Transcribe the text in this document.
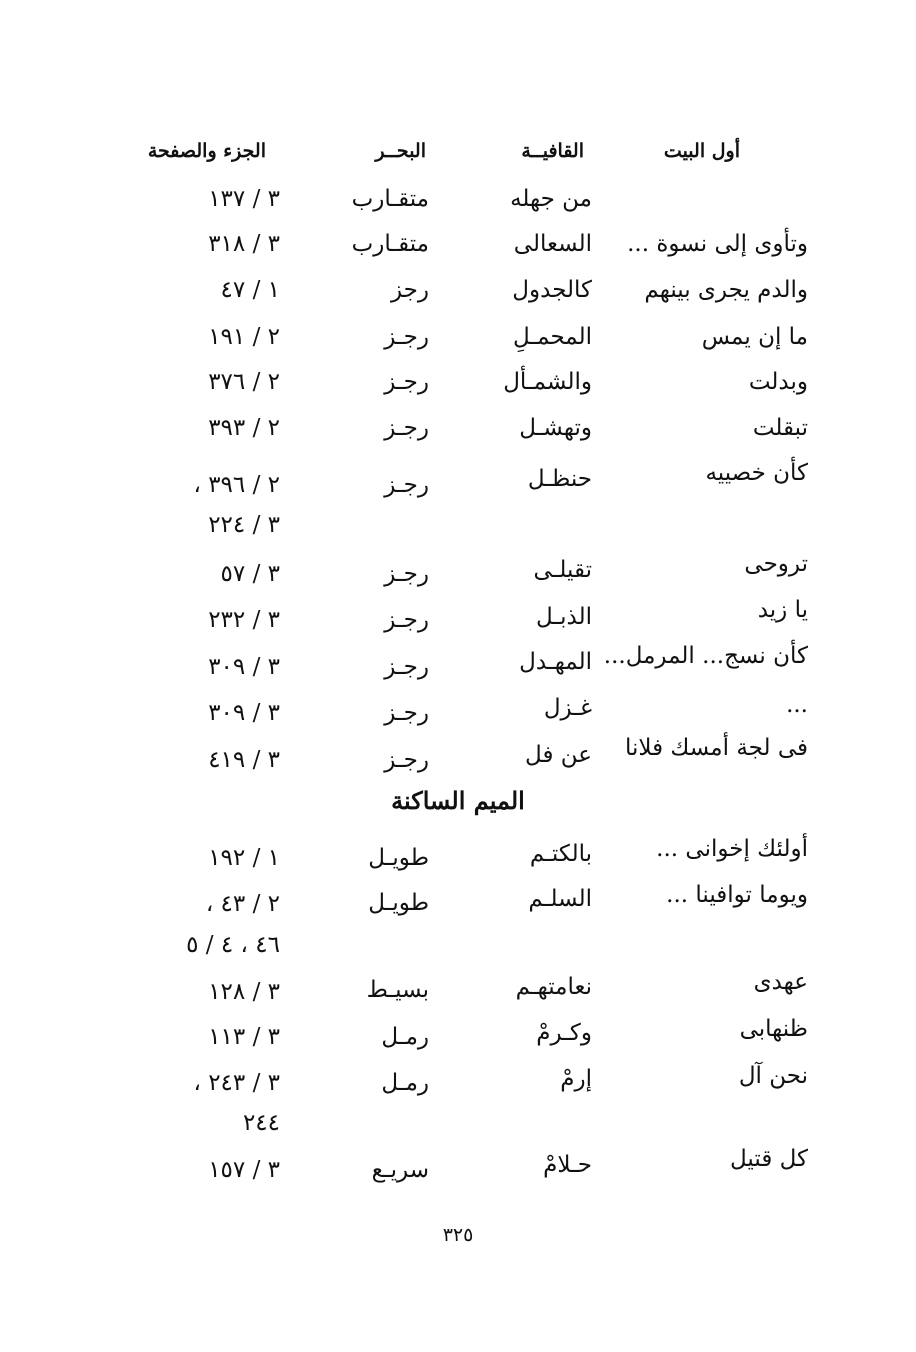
أول البيت
القافيــة
البحــر
الجزء والصفحة
من جهله
متقـارب
٣ / ١٣٧
وتأوى إلى نسوة ...
السعالى
متقـارب
٣ / ٣١٨
والدم يجرى بينهم
كالجدول
رجز
١ / ٤٧
ما إن يمس
المحمـلِ
رجـز
٢ / ١٩١
وبدلت
والشمـأل
رجـز
٢ / ٣٧٦
تبقلت
وتهشـل
رجـز
٢ / ٣٩٣
كأن خصييه
حنظـل
رجـز
٢ / ٣٩٦ ،
٣ / ٢٢٤
تروحى
تقيلـى
رجـز
٣ / ٥٧
يا زيد
الذبـل
رجـز
٣ / ٢٣٢
كأن نسج... المرمل...
المهـدل
رجـز
٣ / ٣٠٩
...
غـزل
رجـز
٣ / ٣٠٩
فى لجة أمسك فلانا
عن فل
رجـز
٣ / ٤١٩
الميم الساكنة
أولئك إخوانى ...
بالكتـم
طويـل
١ / ١٩٢
ويوما توافينا ...
السلـم
طويـل
٢ / ٤٣ ،
٤٦ ، ٤ / ٥
عهدى
نعامتهـم
بسيـط
٣ / ١٢٨
ظنهابى
وكـرمْ
رمـل
٣ / ١١٣
نحن آل
إرمْ
رمـل
٣ / ٢٤٣ ،
٢٤٤
كل قتيل
حـلامْ
سريـع
٣ / ١٥٧
٣٢٥
